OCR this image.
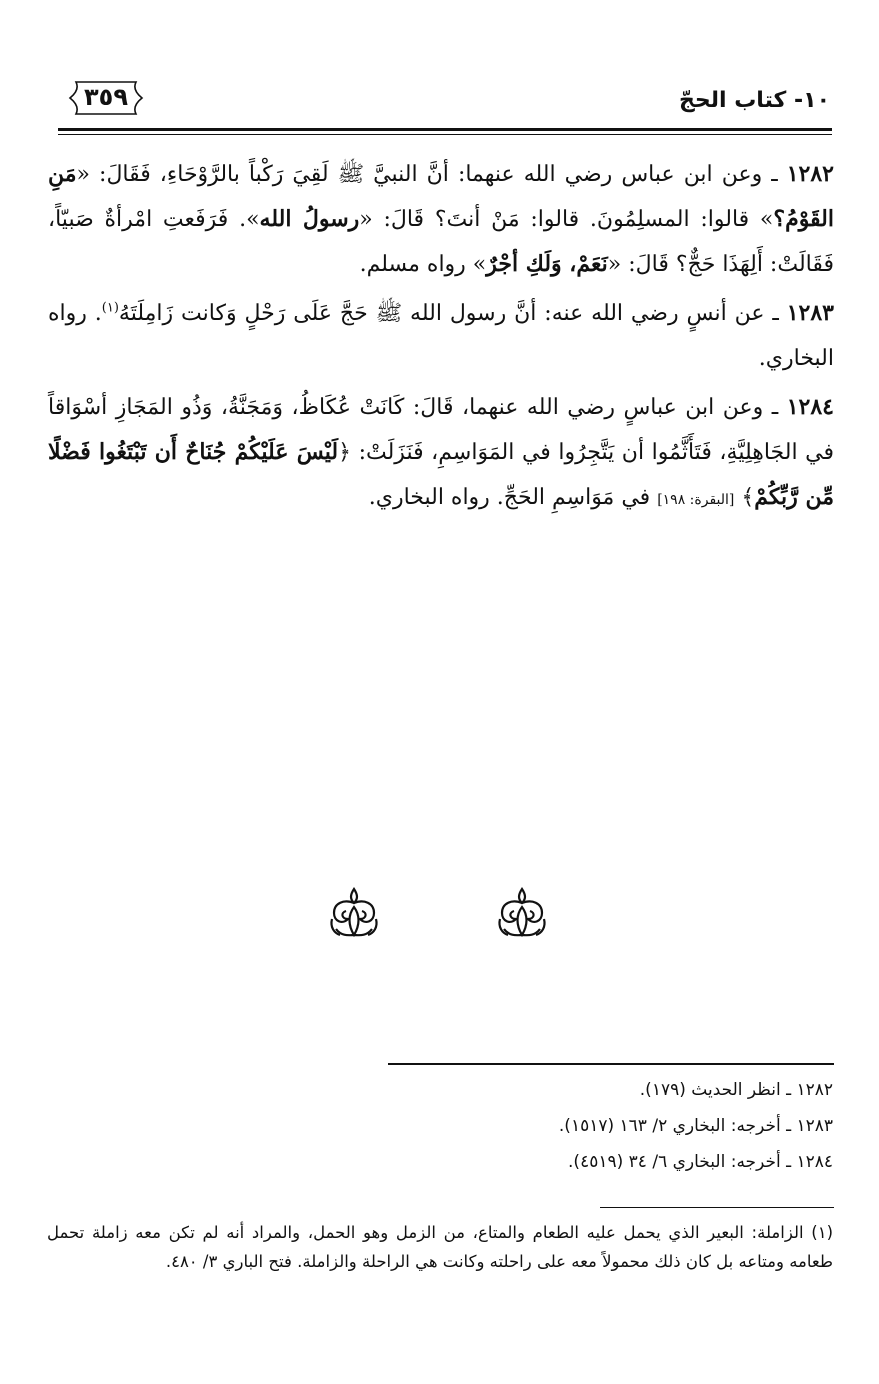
١٠- كتاب الحجّ
٣٥٩

١٢٨٢ ـ وعن ابن عباس رضي الله عنهما: أنَّ النبيَّ ﷺ لَقِيَ رَكْباً بالرَّوْحَاءِ، فَقَالَ: «مَنِ القَوْمُ؟» قالوا: المسلِمُونَ. قالوا: مَنْ أنتَ؟ قَالَ: «رسولُ الله». فَرَفَعتِ امْرأةٌ صَبيّاً، فَقَالَتْ: أَلِهَذَا حَجٌّ؟ قَالَ: «نَعَمْ، وَلَكِ أجْرٌ» رواه مسلم.

١٢٨٣ ـ عن أنسٍ رضي الله عنه: أنَّ رسول الله ﷺ حَجَّ عَلَى رَحْلٍ وَكانت زَامِلَتَهُ$^{(١)}$. رواه البخاري.

١٢٨٤ ـ وعن ابن عباسٍ رضي الله عنهما، قَالَ: كَانَتْ عُكَاظُ، وَمَجَنَّةُ، وَذُو المَجَازِ أسْوَاقاً في الجَاهِلِيَّةِ، فَتَأَثَّمُوا أن يَتَّجِرُوا في المَوَاسِمِ، فَنَزَلَتْ: ﴿لَيْسَ عَلَيْكُمْ جُنَاحٌ أَن تَبْتَغُوا فَضْلًا مِّن رَّبِّكُمْ﴾ [البقرة: ١٩٨] في مَوَاسِمِ الحَجِّ. رواه البخاري.

١٢٨٢ ـ انظر الحديث (١٧٩).
١٢٨٣ ـ أخرجه: البخاري ٢/ ١٦٣ (١٥١٧).
١٢٨٤ ـ أخرجه: البخاري ٦/ ٣٤ (٤٥١٩).
(١) الزاملة: البعير الذي يحمل عليه الطعام والمتاع، من الزمل وهو الحمل، والمراد أنه لم تكن معه زاملة تحمل طعامه ومتاعه بل كان ذلك محمولاً معه على راحلته وكانت هي الراحلة والزاملة. فتح الباري ٣/ ٤٨٠.
